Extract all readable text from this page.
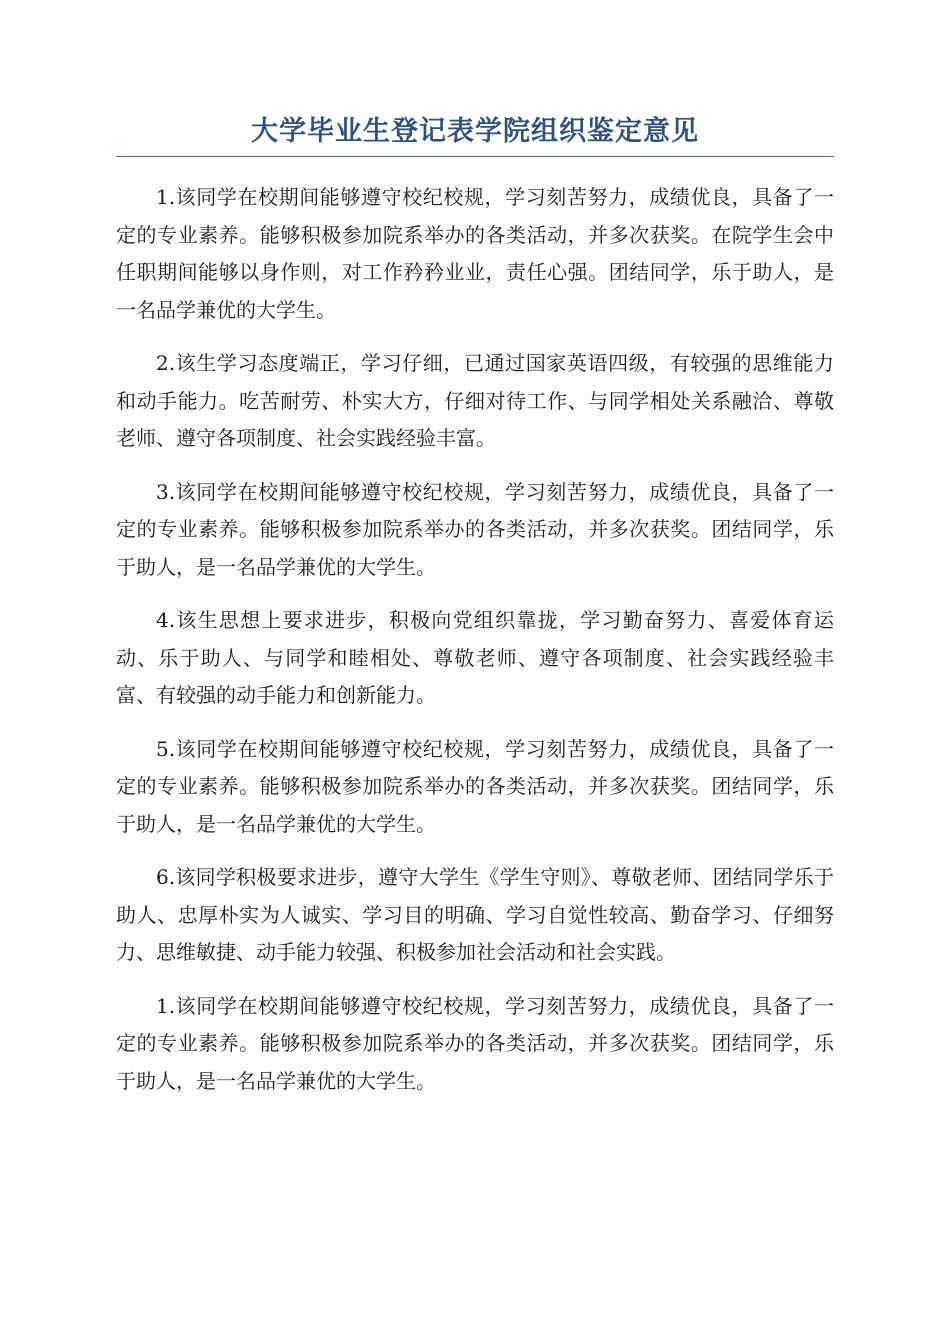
大学毕业生登记表学院组织鉴定意见

1.该同学在校期间能够遵守校纪校规，学习刻苦努力，成绩优良，具备了一定的专业素养。能够积极参加院系举办的各类活动，并多次获奖。在院学生会中任职期间能够以身作则，对工作矜矜业业，责任心强。团结同学，乐于助人，是一名品学兼优的大学生。

2.该生学习态度端正，学习仔细，已通过国家英语四级，有较强的思维能力和动手能力。吃苦耐劳、朴实大方，仔细对待工作、与同学相处关系融洽、尊敬老师、遵守各项制度、社会实践经验丰富。

3.该同学在校期间能够遵守校纪校规，学习刻苦努力，成绩优良，具备了一定的专业素养。能够积极参加院系举办的各类活动，并多次获奖。团结同学，乐于助人，是一名品学兼优的大学生。

4.该生思想上要求进步，积极向党组织靠拢，学习勤奋努力、喜爱体育运动、乐于助人、与同学和睦相处、尊敬老师、遵守各项制度、社会实践经验丰富、有较强的动手能力和创新能力。

5.该同学在校期间能够遵守校纪校规，学习刻苦努力，成绩优良，具备了一定的专业素养。能够积极参加院系举办的各类活动，并多次获奖。团结同学，乐于助人，是一名品学兼优的大学生。

6.该同学积极要求进步，遵守大学生《学生守则》、尊敬老师、团结同学乐于助人、忠厚朴实为人诚实、学习目的明确、学习自觉性较高、勤奋学习、仔细努力、思维敏捷、动手能力较强、积极参加社会活动和社会实践。

1.该同学在校期间能够遵守校纪校规，学习刻苦努力，成绩优良，具备了一定的专业素养。能够积极参加院系举办的各类活动，并多次获奖。团结同学，乐于助人，是一名品学兼优的大学生。
